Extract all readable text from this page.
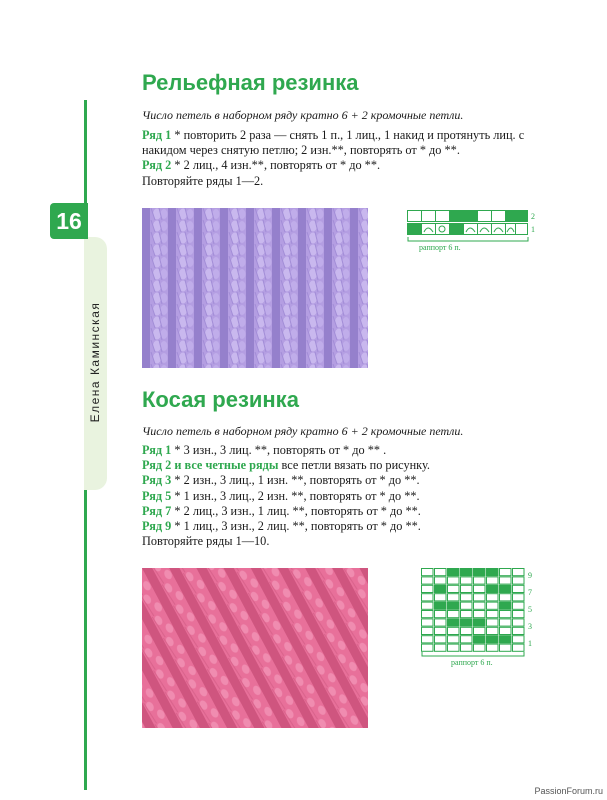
16
Елена Каминская
Рельефная резинка

Число петель в наборном ряду кратно 6 + 2 кромочные петли.

Ряд 1 * повторить 2 раза — снять 1 п., 1 лиц., 1 накид и протянуть лиц. с накидом через снятую петлю; 2 изн.**, повторять от * до **.

Ряд 2 * 2 лиц., 4 изн.**, повторять от * до **.

Повторяйте ряды 1—2.

2
1
раппорт 6 п.
Косая резинка

Число петель в наборном ряду кратно 6 + 2 кромочные петли.

Ряд 1 * 3 изн., 3 лиц. **, повторять от * до ** .

Ряд 2 и все четные ряды все петли вязать по рисунку.

Ряд 3 * 2 изн., 3 лиц., 1 изн. **, повторять от * до **.

Ряд 5 * 1 изн., 3 лиц., 2 изн. **, повторять от * до **.

Ряд 7 * 2 лиц., 3 изн., 1 лиц. **, повторять от * до **.

Ряд 9 * 1 лиц., 3 изн., 2 лиц. **, повторять от * до **.

Повторяйте ряды 1—10.

9
7
5
3
1
раппорт 6 п.
PassionForum.ru
